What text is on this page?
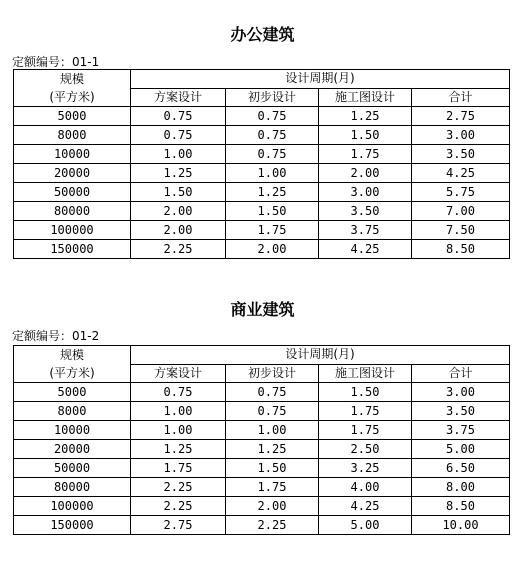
办公建筑
定额编号：01-1
规模
(平方米)	设计周期(月)			
	方案设计	初步设计	施工图设计	合计
5000	0.75	0.75	1.25	2.75
8000	0.75	0.75	1.50	3.00
10000	1.00	0.75	1.75	3.50
20000	1.25	1.00	2.00	4.25
50000	1.50	1.25	3.00	5.75
80000	2.00	1.50	3.50	7.00
100000	2.00	1.75	3.75	7.50
150000	2.25	2.00	4.25	8.50
商业建筑
定额编号：01-2
规模
(平方米)	设计周期(月)			
	方案设计	初步设计	施工图设计	合计
5000	0.75	0.75	1.50	3.00
8000	1.00	0.75	1.75	3.50
10000	1.00	1.00	1.75	3.75
20000	1.25	1.25	2.50	5.00
50000	1.75	1.50	3.25	6.50
80000	2.25	1.75	4.00	8.00
100000	2.25	2.00	4.25	8.50
150000	2.75	2.25	5.00	10.00
